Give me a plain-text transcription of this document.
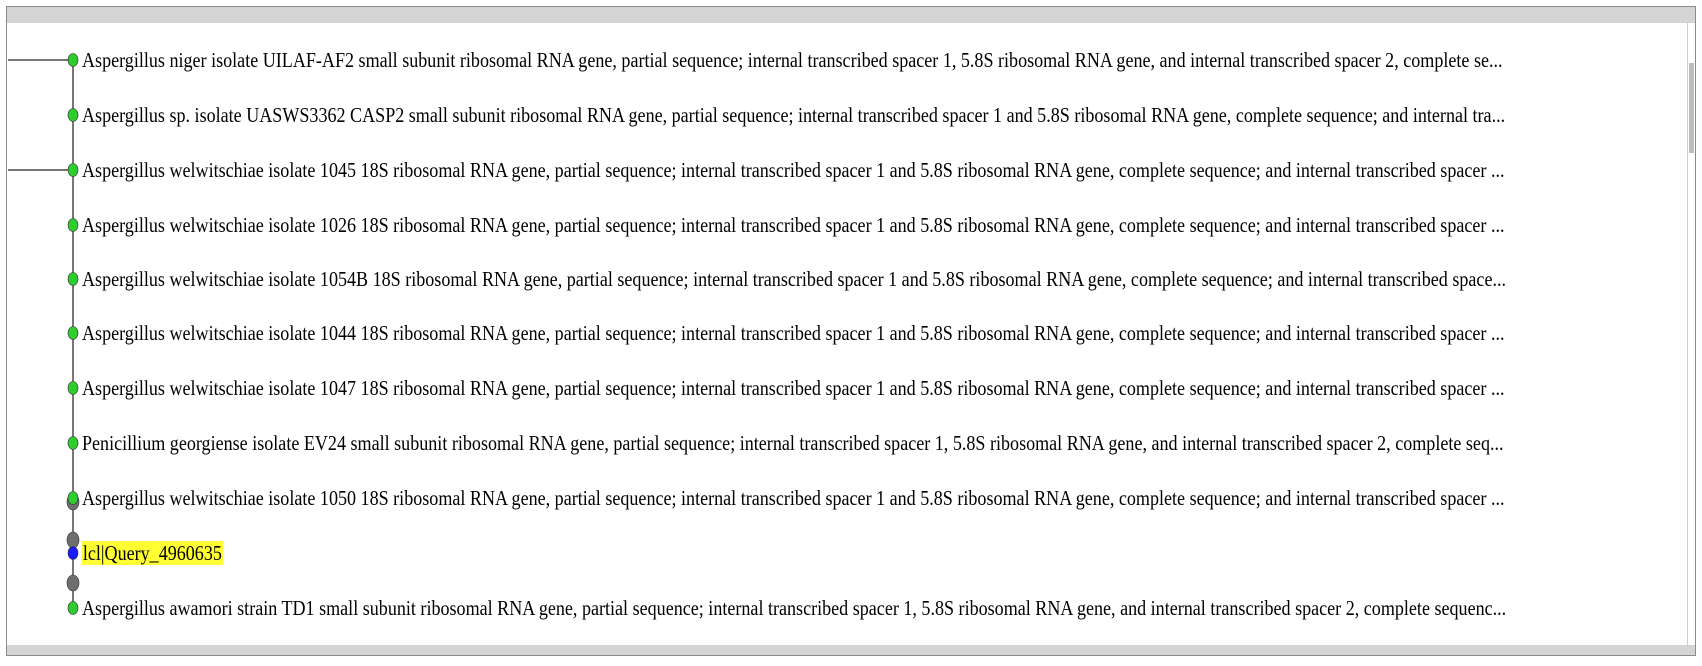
Aspergillus niger isolate UILAF-AF2 small subunit ribosomal RNA gene, partial sequence; internal transcribed spacer 1, 5.8S ribosomal RNA gene, and internal transcribed spacer 2, complete se...
Aspergillus sp. isolate UASWS3362 CASP2 small subunit ribosomal RNA gene, partial sequence; internal transcribed spacer 1 and 5.8S ribosomal RNA gene, complete sequence; and internal tra...
Aspergillus welwitschiae isolate 1045 18S ribosomal RNA gene, partial sequence; internal transcribed spacer 1 and 5.8S ribosomal RNA gene, complete sequence; and internal transcribed spacer ...
Aspergillus welwitschiae isolate 1026 18S ribosomal RNA gene, partial sequence; internal transcribed spacer 1 and 5.8S ribosomal RNA gene, complete sequence; and internal transcribed spacer ...
Aspergillus welwitschiae isolate 1054B 18S ribosomal RNA gene, partial sequence; internal transcribed spacer 1 and 5.8S ribosomal RNA gene, complete sequence; and internal transcribed space...
Aspergillus welwitschiae isolate 1044 18S ribosomal RNA gene, partial sequence; internal transcribed spacer 1 and 5.8S ribosomal RNA gene, complete sequence; and internal transcribed spacer ...
Aspergillus welwitschiae isolate 1047 18S ribosomal RNA gene, partial sequence; internal transcribed spacer 1 and 5.8S ribosomal RNA gene, complete sequence; and internal transcribed spacer ...
Penicillium georgiense isolate EV24 small subunit ribosomal RNA gene, partial sequence; internal transcribed spacer 1, 5.8S ribosomal RNA gene, and internal transcribed spacer 2, complete seq...
Aspergillus welwitschiae isolate 1050 18S ribosomal RNA gene, partial sequence; internal transcribed spacer 1 and 5.8S ribosomal RNA gene, complete sequence; and internal transcribed spacer ...
lcl|Query_4960635
Aspergillus awamori strain TD1 small subunit ribosomal RNA gene, partial sequence; internal transcribed spacer 1, 5.8S ribosomal RNA gene, and internal transcribed spacer 2, complete sequenc...
